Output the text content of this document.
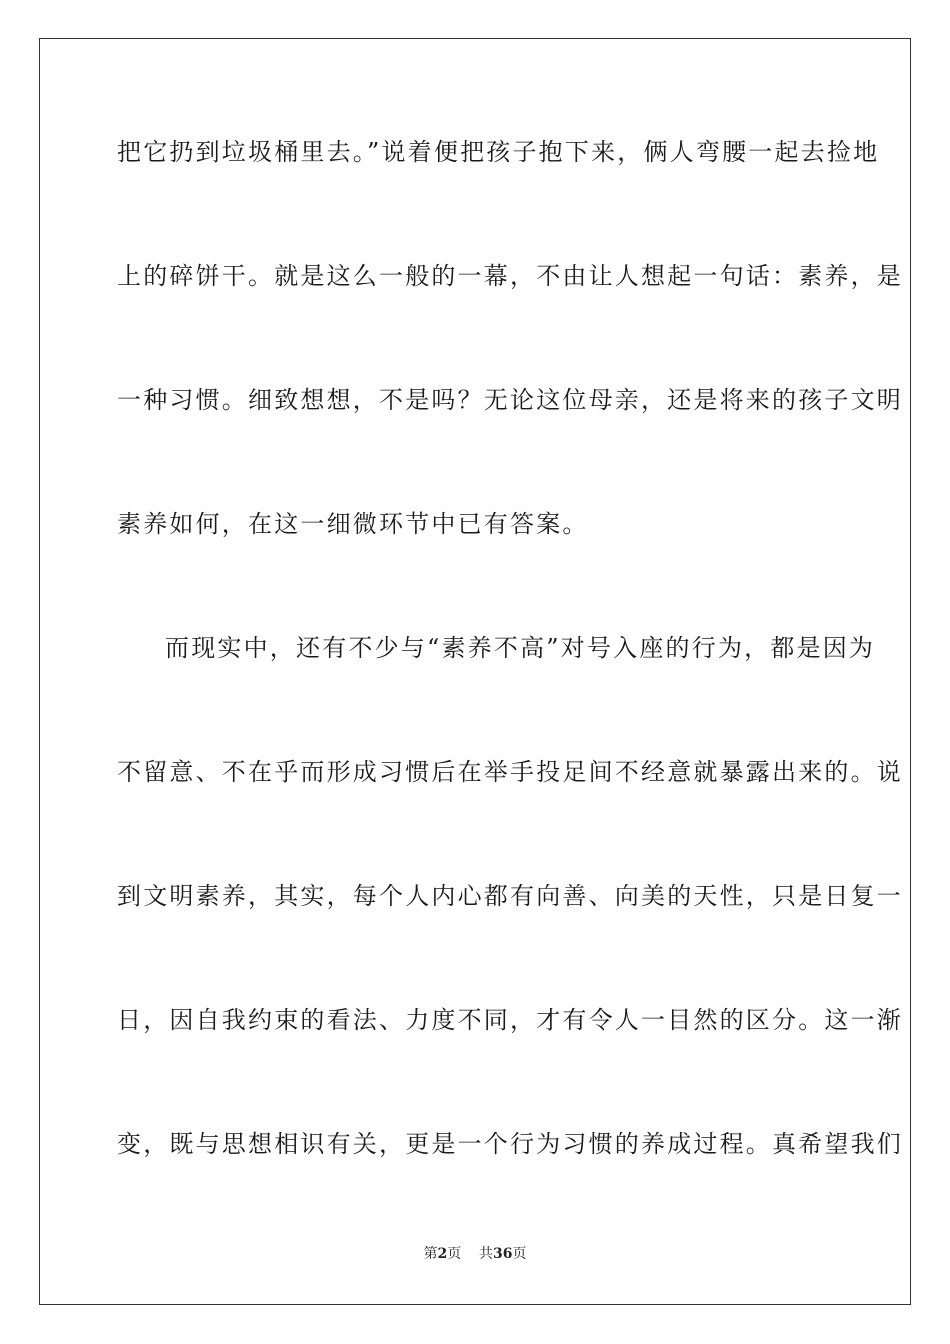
把它扔到垃圾桶里去。”说着便把孩子抱下来，俩人弯腰一起去捡地
上的碎饼干。就是这么一般的一幕，不由让人想起一句话：素养，是
一种习惯。细致想想，不是吗？无论这位母亲，还是将来的孩子文明
素养如何，在这一细微环节中已有答案。
而现实中，还有不少与“素养不高”对号入座的行为，都是因为
不留意、不在乎而形成习惯后在举手投足间不经意就暴露出来的。说
到文明素养，其实，每个人内心都有向善、向美的天性，只是日复一
日，因自我约束的看法、力度不同，才有令人一目然的区分。这一渐
变，既与思想相识有关，更是一个行为习惯的养成过程。真希望我们
第2页 共36页
